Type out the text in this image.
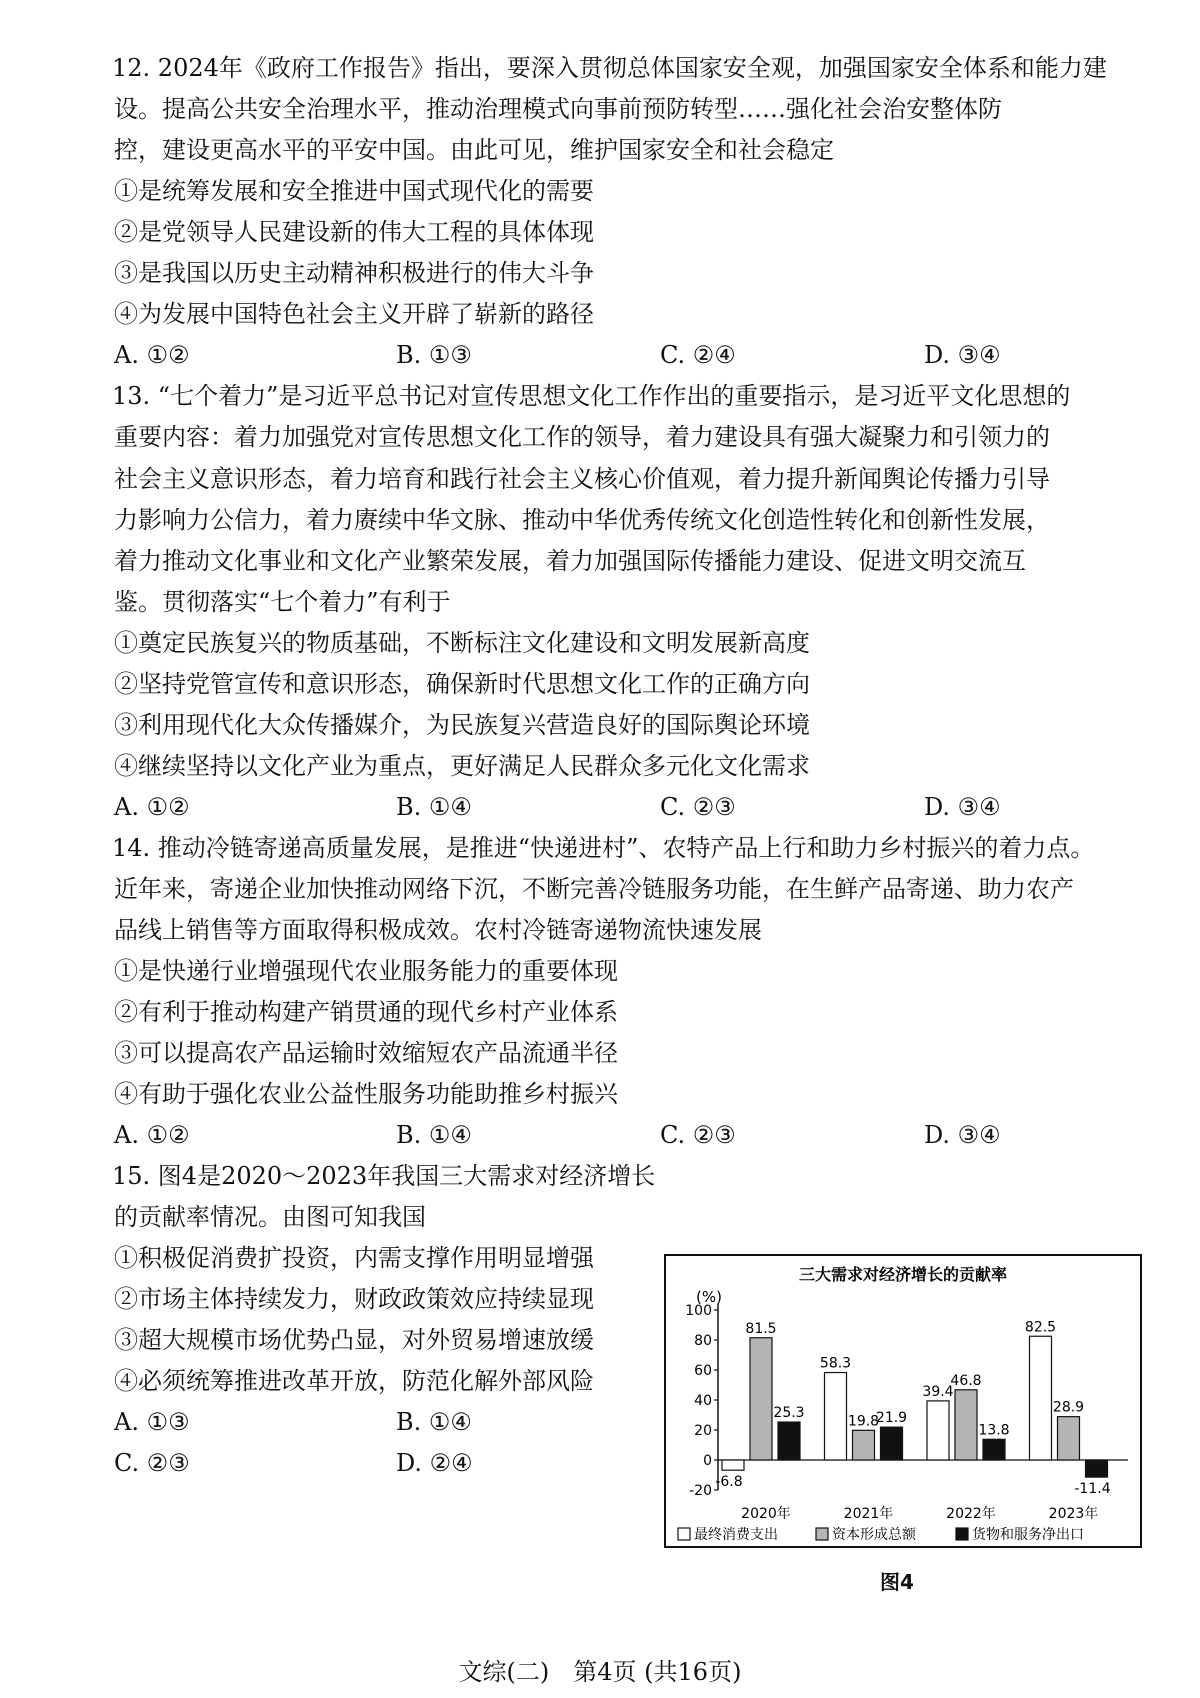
12. 2024年《政府工作报告》指出，要深入贯彻总体国家安全观，加强国家安全体系和能力建
设。提高公共安全治理水平，推动治理模式向事前预防转型……强化社会治安整体防
控，建设更高水平的平安中国。由此可见，维护国家安全和社会稳定
①是统筹发展和安全推进中国式现代化的需要
②是党领导人民建设新的伟大工程的具体体现
③是我国以历史主动精神积极进行的伟大斗争
④为发展中国特色社会主义开辟了崭新的路径
A. ①②	B. ①③	C. ②④	D. ③④
13. “七个着力”是习近平总书记对宣传思想文化工作作出的重要指示，是习近平文化思想的
重要内容：着力加强党对宣传思想文化工作的领导，着力建设具有强大凝聚力和引领力的
社会主义意识形态，着力培育和践行社会主义核心价值观，着力提升新闻舆论传播力引导
力影响力公信力，着力赓续中华文脉、推动中华优秀传统文化创造性转化和创新性发展，
着力推动文化事业和文化产业繁荣发展，着力加强国际传播能力建设、促进文明交流互
鉴。贯彻落实“七个着力”有利于
①奠定民族复兴的物质基础，不断标注文化建设和文明发展新高度
②坚持党管宣传和意识形态，确保新时代思想文化工作的正确方向
③利用现代化大众传播媒介，为民族复兴营造良好的国际舆论环境
④继续坚持以文化产业为重点，更好满足人民群众多元化文化需求
A. ①②	B. ①④	C. ②③	D. ③④
14. 推动冷链寄递高质量发展，是推进“快递进村”、农特产品上行和助力乡村振兴的着力点。
近年来，寄递企业加快推动网络下沉，不断完善冷链服务功能，在生鲜产品寄递、助力农产
品线上销售等方面取得积极成效。农村冷链寄递物流快速发展
①是快递行业增强现代农业服务能力的重要体现
②有利于推动构建产销贯通的现代乡村产业体系
③可以提高农产品运输时效缩短农产品流通半径
④有助于强化农业公益性服务功能助推乡村振兴
A. ①②	B. ①④	C. ②③	D. ③④
15. 图4是2020～2023年我国三大需求对经济增长
的贡献率情况。由图可知我国
①积极促消费扩投资，内需支撑作用明显增强
②市场主体持续发力，财政政策效应持续显现
③超大规模市场优势凸显，对外贸易增速放缓
④必须统筹推进改革开放，防范化解外部风险
A. ①③	B. ①④
C. ②③	D. ②④
三大需求对经济增长的贡献率
(%)
100
80
60
40
20
0
-20
-6.8
81.5
25.3
58.3
19.8
21.9
39.4
46.8
13.8
82.5
28.9
-11.4
2020年	2021年	2022年	2023年
最终消费支出	资本形成总额	货物和服务净出口
图4
文综(二)　第4页 (共16页)
